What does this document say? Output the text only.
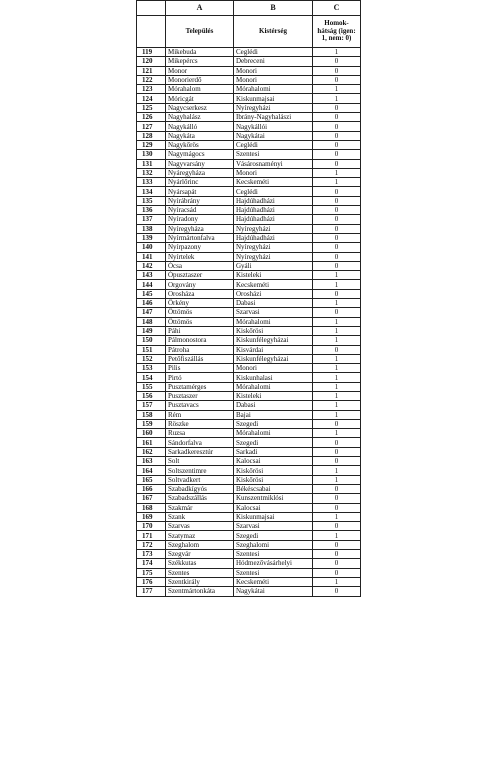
	A	B	C
	Település	Kistérség	Homok-hátság (igen: 1, nem: 0)
119	Mikebuda	Ceglédi	1
120	Mikepércs	Debreceni	0
121	Monor	Monori	0
122	Monorierdő	Monori	0
123	Mórahalom	Mórahalomi	1
124	Móricgát	Kiskunmajsai	1
125	Nagycserkesz	Nyíregyházi	0
126	Nagyhalász	Ibrány-Nagyhalászi	0
127	Nagykálló	Nagykállói	0
128	Nagykáta	Nagykátai	0
129	Nagykőrös	Ceglédi	0
130	Nagymágocs	Szentesi	0
131	Nagyvarsány	Vásárosnaményi	0
132	Nyáregyháza	Monori	1
133	Nyárlőrinc	Kecskeméti	1
134	Nyársapát	Ceglédi	0
135	Nyírábrány	Hajdúhadházi	0
136	Nyíracsád	Hajdúhadházi	0
137	Nyíradony	Hajdúhadházi	0
138	Nyíregyháza	Nyíregyházi	0
139	Nyírmártonfalva	Hajdúhadházi	0
140	Nyírpazony	Nyíregyházi	0
141	Nyírtelek	Nyíregyházi	0
142	Ócsa	Gyáli	0
143	Ópusztaszer	Kisteleki	1
144	Orgovány	Kecskeméti	1
145	Orosháza	Orosházi	0
146	Örkény	Dabasi	1
147	Öttömös	Szarvasi	0
148	Öttömös	Mórahalomi	1
149	Páhi	Kiskőrösi	1
150	Pálmonostora	Kiskunfélegyházai	1
151	Pátroha	Kisvárdai	0
152	Petőfiszállás	Kiskunfélegyházai	1
153	Pilis	Monori	1
154	Pirtó	Kiskunhalasi	1
155	Pusztamérges	Mórahalomi	1
156	Pusztaszer	Kisteleki	1
157	Pusztavacs	Dabasi	1
158	Rém	Bajai	1
159	Röszke	Szegedi	0
160	Ruzsa	Mórahalomi	1
161	Sándorfalva	Szegedi	0
162	Sarkadkeresztúr	Sarkadi	0
163	Solt	Kalocsai	0
164	Soltszentimre	Kiskőrösi	1
165	Soltvadkert	Kiskőrösi	1
166	Szabadkígyós	Békéscsabai	0
167	Szabadszállás	Kunszentmiklósi	0
168	Szakmár	Kalocsai	0
169	Szank	Kiskunmajsai	1
170	Szarvas	Szarvasi	0
171	Szatymaz	Szegedi	1
172	Szeghalom	Szeghalomi	0
173	Szegvár	Szentesi	0
174	Székkutas	Hódmezővásárhelyi	0
175	Szentes	Szentesi	0
176	Szentkirály	Kecskeméti	1
177	Szentmártonkáta	Nagykátai	0
